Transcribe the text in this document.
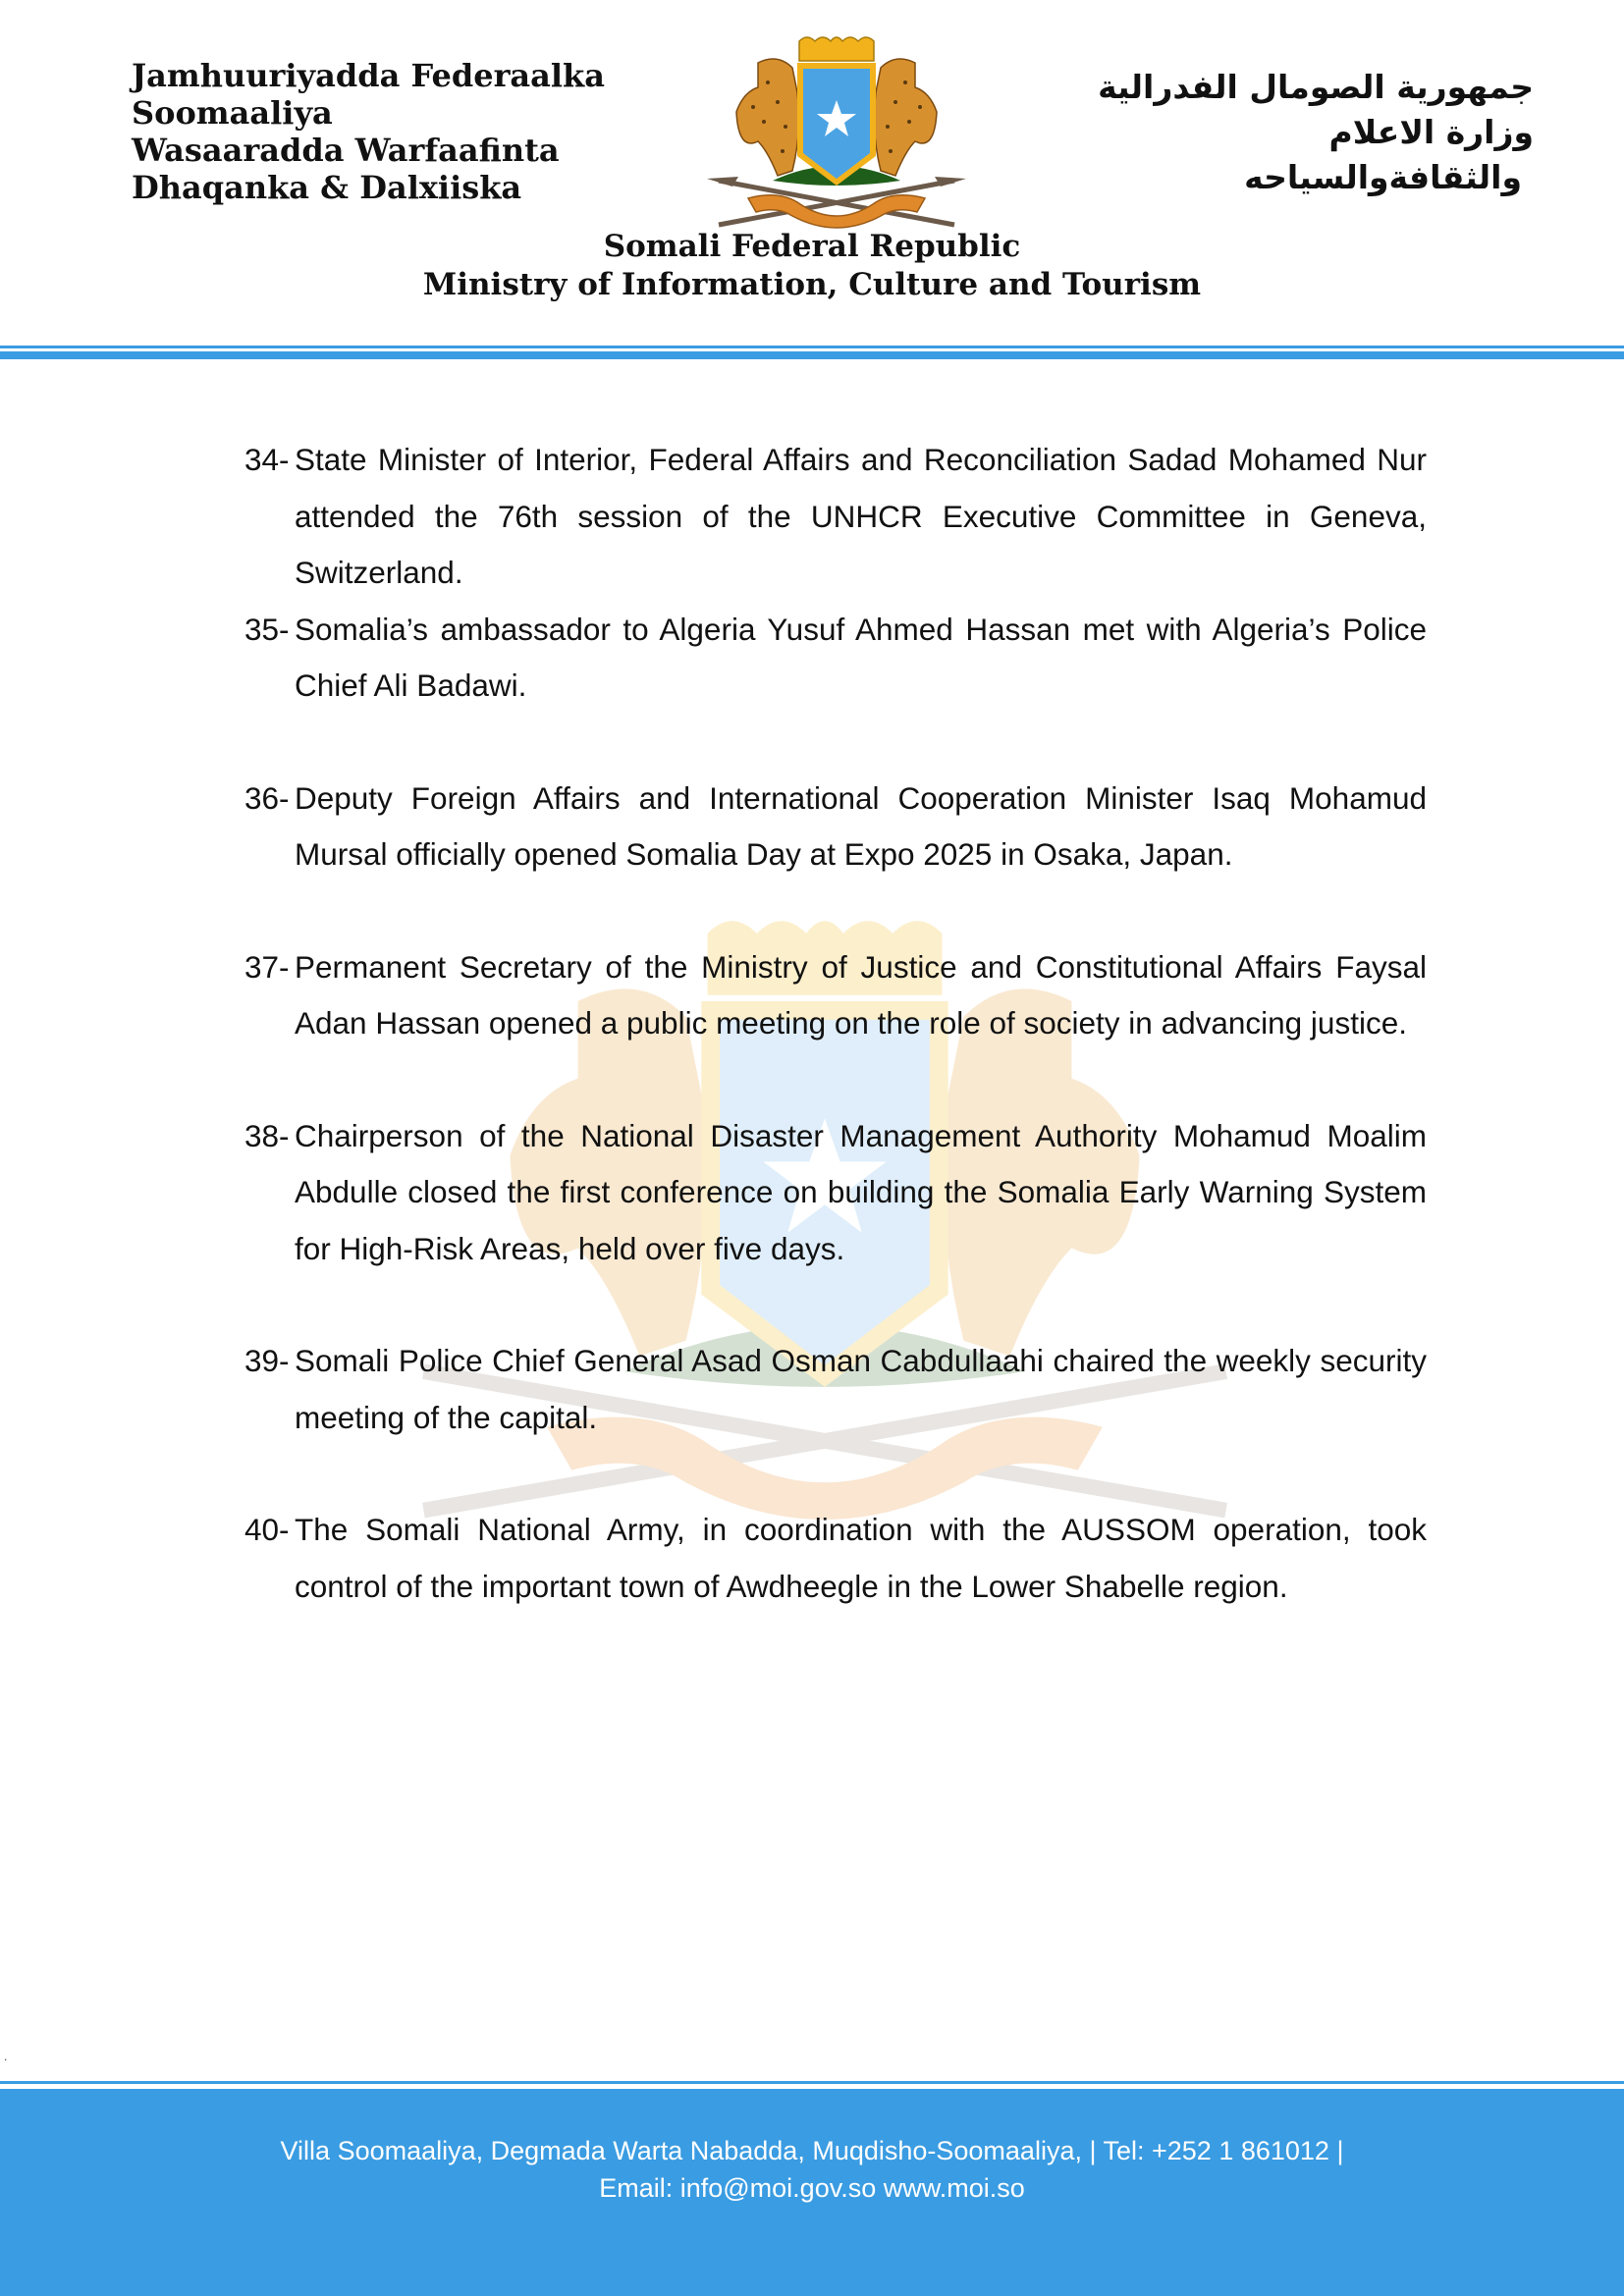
Jamhuuriyadda Federaalka
Soomaaliya
Wasaaradda Warfaafinta
Dhaqanka & Dalxiiska
جمهورية الصومال الفدرالية
وزارة الاعلام
والثقافةوالسياحه
Somali Federal Republic
Ministry of Information, Culture and Tourism
34- State Minister of Interior, Federal Affairs and Reconciliation Sadad Mohamed Nur attended the 76th session of the UNHCR Executive Committee in Geneva, Switzerland.
35- Somalia’s ambassador to Algeria Yusuf Ahmed Hassan met with Algeria’s Police Chief Ali Badawi.
36- Deputy Foreign Affairs and International Cooperation Minister Isaq Mohamud Mursal officially opened Somalia Day at Expo 2025 in Osaka, Japan.
37- Permanent Secretary of the Ministry of Justice and Constitutional Affairs Faysal Adan Hassan opened a public meeting on the role of society in advancing justice.
38- Chairperson of the National Disaster Management Authority Mohamud Moalim Abdulle closed the first conference on building the Somalia Early Warning System for High-Risk Areas, held over five days.
39- Somali Police Chief General Asad Osman Cabdullaahi chaired the weekly security meeting of the capital.
40- The Somali National Army, in coordination with the AUSSOM operation, took control of the important town of Awdheegle in the Lower Shabelle region.
.
Villa Soomaaliya, Degmada Warta Nabadda, Muqdisho-Soomaaliya, | Tel: +252 1 861012 |
Email: info@moi.gov.so www.moi.so
